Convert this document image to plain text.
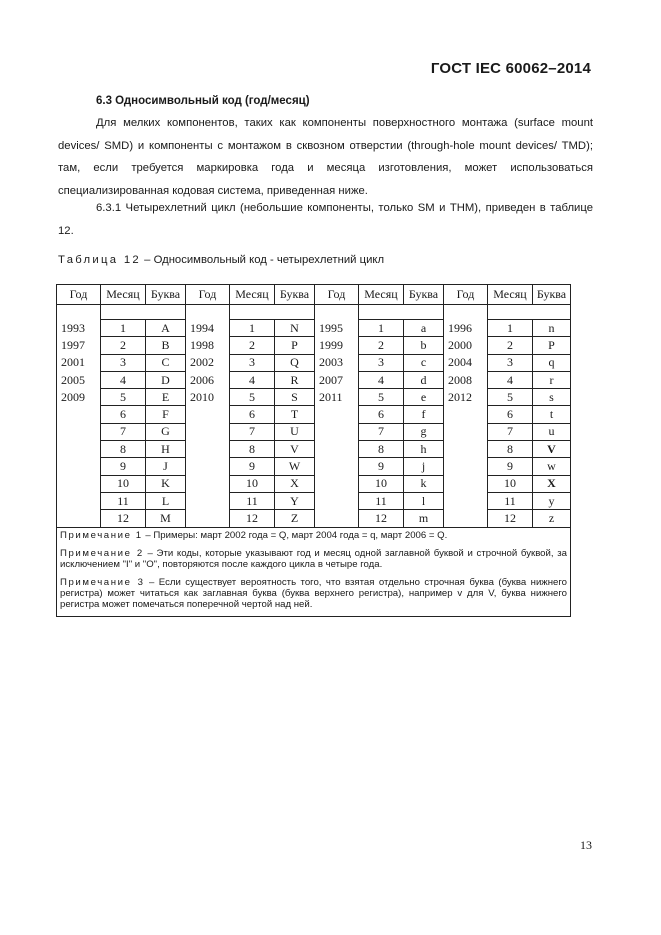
ГОСТ IEC 60062–2014
6.3 Односимвольный код (год/месяц)
Для мелких компонентов, таких как компоненты поверхностного монтажа (surface mount devices/ SMD) и компоненты с монтажом в сквозном отверстии (through-hole mount devices/ TMD); там, если требуется маркировка года и месяца изготовления, может использоваться специализированная кодовая система, приведенная ниже.
6.3.1 Четырехлетний цикл (небольшие компоненты, только SM и THM), приведен в таблице 12.
Таблица 12 – Односимвольный код - четырехлетний цикл
Год	Месяц	Буква	Год	Месяц	Буква	Год	Месяц	Буква	Год	Месяц	Буква

1993	1	A	1994	1	N	1995	1	a	1996	1	n
1997	2	B	1998	2	P	1999	2	b	2000	2	P
2001	3	C	2002	3	Q	2003	3	c	2004	3	q
2005	4	D	2006	4	R	2007	4	d	2008	4	r
2009	5	E	2010	5	S	2011	5	e	2012	5	s
	6	F		6	T		6	f		6	t
	7	G		7	U		7	g		7	u
	8	H		8	V		8	h		8	V
	9	J		9	W		9	j		9	w
	10	K		10	X		10	k		10	X
	11	L		11	Y		11	l		11	y
	12	M		12	Z		12	m		12	z

Примечание 1 – Примеры: март 2002 года = Q, март 2004 года = q, март 2006 = Q.
Примечание 2 – Эти коды, которые указывают год и месяц одной заглавной буквой и строчной буквой, за исключением "I" и "O", повторяются после каждого цикла в четыре года.
Примечание 3 – Если существует вероятность того, что взятая отдельно строчная буква (буква нижнего регистра) может читаться как заглавная буква (буква верхнего регистра), например v для V, буква нижнего регистра может помечаться поперечной чертой над ней.											
13
